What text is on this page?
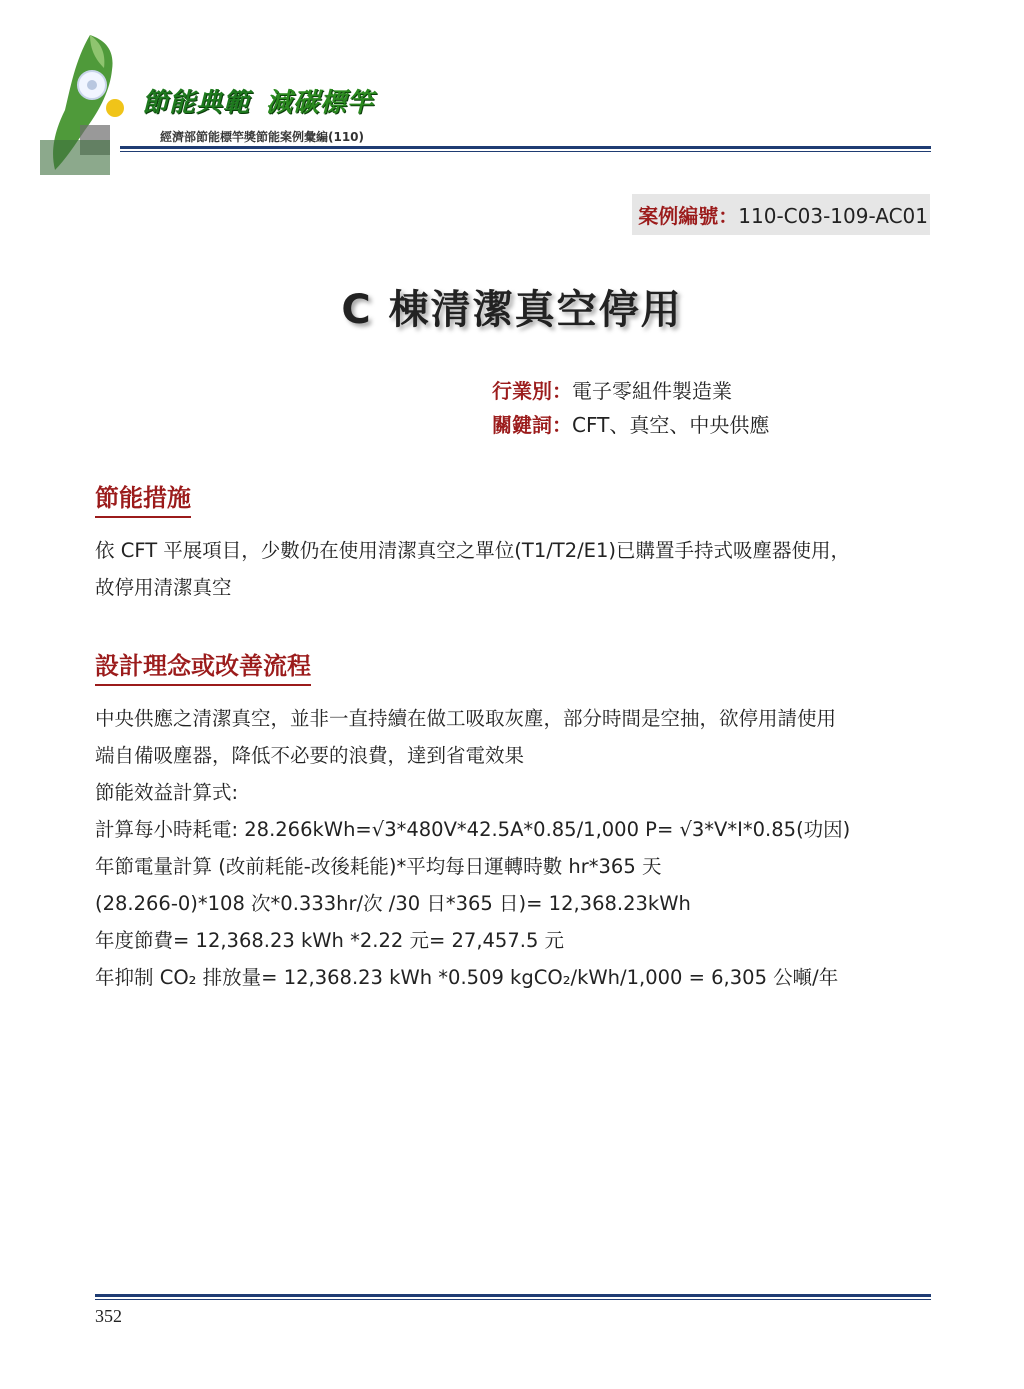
節能典範 減碳標竿
經濟部節能標竿獎節能案例彙編(110)
案例編號：110-C03-109-AC01
C 棟清潔真空停用
行業別：電子零組件製造業
關鍵詞：CFT、真空、中央供應
節能措施
依 CFT 平展項目，少數仍在使用清潔真空之單位(T1/T2/E1)已購置手持式吸塵器使用，
故停用清潔真空
設計理念或改善流程
中央供應之清潔真空，並非一直持續在做工吸取灰塵，部分時間是空抽，欲停用請使用
端自備吸塵器，降低不必要的浪費，達到省電效果
節能效益計算式:
計算每小時耗電: 28.266kWh=√3*480V*42.5A*0.85/1,000 P= √3*V*I*0.85(功因)
年節電量計算 (改前耗能-改後耗能)*平均每日運轉時數 hr*365 天
(28.266-0)*108 次*0.333hr/次 /30 日*365 日)= 12,368.23kWh
年度節費= 12,368.23 kWh *2.22 元= 27,457.5 元
年抑制 CO₂ 排放量= 12,368.23 kWh *0.509 kgCO₂/kWh/1,000 = 6,305 公噸/年
352
